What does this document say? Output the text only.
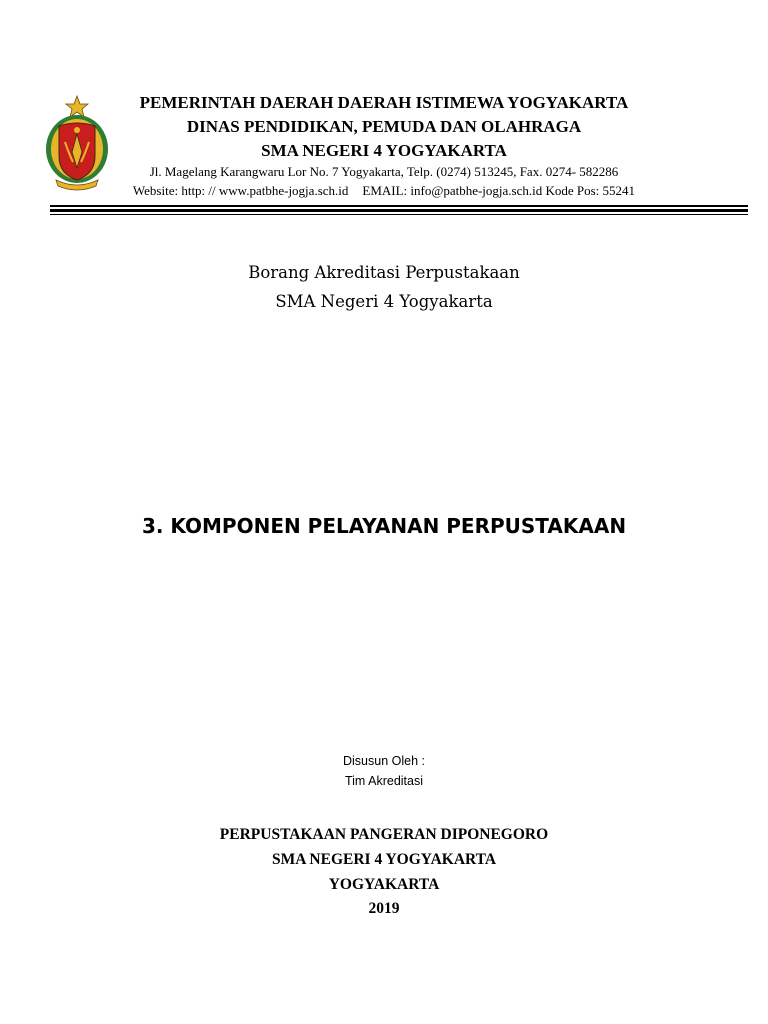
PEMERINTAH DAERAH DAERAH ISTIMEWA YOGYAKARTA
DINAS PENDIDIKAN, PEMUDA DAN OLAHRAGA
SMA NEGERI 4 YOGYAKARTA
Jl. Magelang Karangwaru Lor No. 7 Yogyakarta, Telp. (0274) 513245, Fax. 0274- 582286
Website: http: // www.patbhe-jogja.sch.id EMAIL: info@patbhe-jogja.sch.id Kode Pos: 55241
Borang Akreditasi Perpustakaan
SMA Negeri 4 Yogyakarta
3. KOMPONEN PELAYANAN PERPUSTAKAAN
Disusun Oleh :
Tim Akreditasi
PERPUSTAKAAN PANGERAN DIPONEGORO
SMA NEGERI 4 YOGYAKARTA
YOGYAKARTA
2019
